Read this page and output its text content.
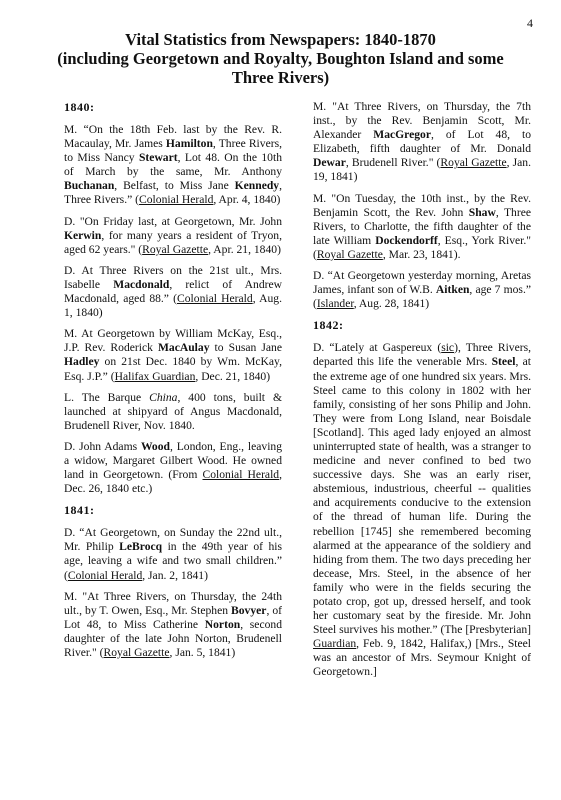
4
Vital Statistics from Newspapers: 1840-1870
(including Georgetown and Royalty, Boughton Island and some
Three Rivers)
1840:
M. “On the 18th Feb. last by the Rev. R. Macaulay, Mr. James Hamilton, Three Rivers, to Miss Nancy Stewart, Lot 48. On the 10th of March by the same, Mr. Anthony Buchanan, Belfast, to Miss Jane Kennedy, Three Rivers.” (Colonial Herald, Apr. 4, 1840)
D. "On Friday last, at Georgetown, Mr. John Kerwin, for many years a resident of Tryon, aged 62 years." (Royal Gazette, Apr. 21, 1840)
D. At Three Rivers on the 21st ult., Mrs. Isabelle Macdonald, relict of Andrew Macdonald, aged 88.” (Colonial Herald, Aug. 1, 1840)
M. At Georgetown by William McKay, Esq., J.P. Rev. Roderick MacAulay to Susan Jane Hadley on 21st Dec. 1840 by Wm. McKay, Esq. J.P.” (Halifax Guardian, Dec. 21, 1840)
L. The Barque China, 400 tons, built & launched at shipyard of Angus Macdonald, Brudenell River, Nov. 1840.
D. John Adams Wood, London, Eng., leaving a widow, Margaret Gilbert Wood. He owned land in Georgetown. (From Colonial Herald, Dec. 26, 1840 etc.)
1841:
D. “At Georgetown, on Sunday the 22nd ult., Mr. Philip LeBrocq in the 49th year of his age, leaving a wife and two small children.” (Colonial Herald, Jan. 2, 1841)
M. "At Three Rivers, on Thursday, the 24th ult., by T. Owen, Esq., Mr. Stephen Bovyer, of Lot 48, to Miss Catherine Norton, second daughter of the late John Norton, Brudenell River." (Royal Gazette, Jan. 5, 1841)
M. "At Three Rivers, on Thursday, the 7th inst., by the Rev. Benjamin Scott, Mr. Alexander MacGregor, of Lot 48, to Elizabeth, fifth daughter of Mr. Donald Dewar, Brudenell River." (Royal Gazette, Jan. 19, 1841)
M. "On Tuesday, the 10th inst., by the Rev. Benjamin Scott, the Rev. John Shaw, Three Rivers, to Charlotte, the fifth daughter of the late William Dockendorff, Esq., York River." (Royal Gazette, Mar. 23, 1841).
D. “At Georgetown yesterday morning, Aretas James, infant son of W.B. Aitken, age 7 mos.” (Islander, Aug. 28, 1841)
1842:
D. “Lately at Gaspereux (sic), Three Rivers, departed this life the venerable Mrs. Steel, at the extreme age of one hundred six years. Mrs. Steel came to this colony in 1802 with her family, consisting of her sons Philip and John. They were from Long Island, near Boisdale [Scotland]. This aged lady enjoyed an almost uninterrupted state of health, was a stranger to medicine and never confined to bed two successive days. She was an early riser, abstemious, industrious, cheerful -- qualities and acquirements conducive to the extension of the thread of human life. During the rebellion [1745] she remembered becoming alarmed at the appearance of the soldiery and hiding from them. The two days preceding her decease, Mrs. Steel, in the absence of her family who were in the fields securing the potato crop, got up, dressed herself, and took her customary seat by the fireside. Mr. John Steel survives his mother.” (The [Presbyterian] Guardian, Feb. 9, 1842, Halifax,) [Mrs., Steel was an ancestor of Mrs. Seymour Knight of Georgetown.]
